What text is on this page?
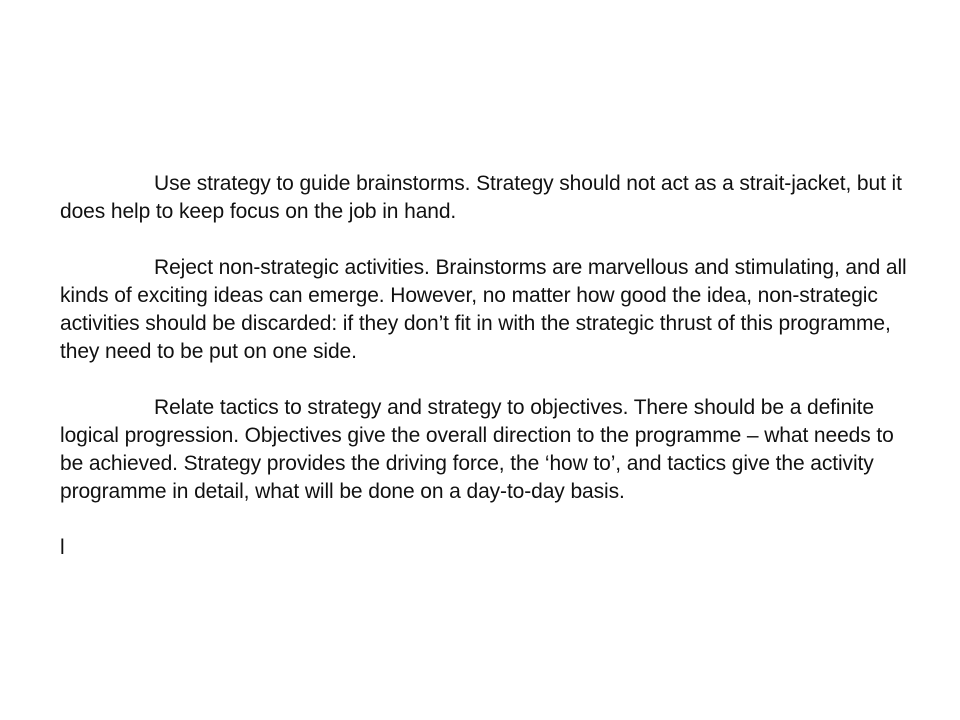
Use strategy to guide brainstorms. Strategy should not act as a strait-jacket, but it does help to keep focus on the job in hand.

Reject non-strategic activities. Brainstorms are marvellous and stimulating, and all kinds of exciting ideas can emerge. However, no matter how good the idea, non-strategic activities should be discarded: if they don’t fit in with the strategic thrust of this programme, they need to be put on one side.

Relate tactics to strategy and strategy to objectives. There should be a definite logical progression. Objectives give the overall direction to the programme – what needs to be achieved. Strategy provides the driving force, the ‘how to’, and tactics give the activity programme in detail, what will be done on a day-to-day basis.

l
